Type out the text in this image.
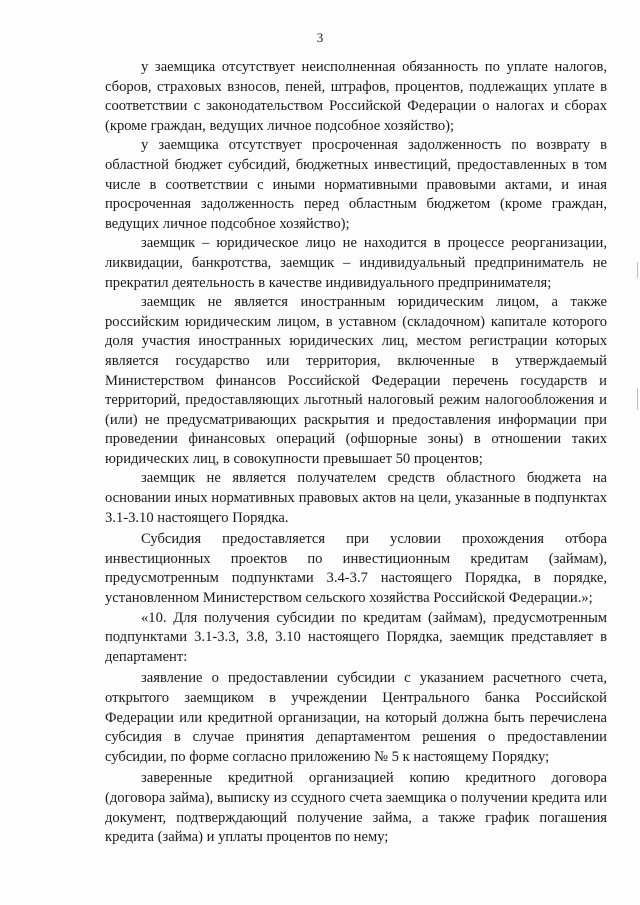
3

у заемщика отсутствует неисполненная обязанность по уплате налогов, сборов, страховых взносов, пеней, штрафов, процентов, подлежащих уплате в соответствии с законодательством Российской Федерации о налогах и сборах (кроме граждан, ведущих личное подсобное хозяйство);

у заемщика отсутствует просроченная задолженность по возврату в областной бюджет субсидий, бюджетных инвестиций, предоставленных в том числе в соответствии с иными нормативными правовыми актами, и иная просроченная задолженность перед областным бюджетом (кроме граждан, ведущих личное подсобное хозяйство);

заемщик – юридическое лицо не находится в процессе реорганизации, ликвидации, банкротства, заемщик – индивидуальный предприниматель не прекратил деятельность в качестве индивидуального предпринимателя;

заемщик не является иностранным юридическим лицом, а также российским юридическим лицом, в уставном (складочном) капитале которого доля участия иностранных юридических лиц, местом регистрации которых является государство или территория, включенные в утверждаемый Министерством финансов Российской Федерации перечень государств и территорий, предоставляющих льготный налоговый режим налогообложения и (или) не предусматривающих раскрытия и предоставления информации при проведении финансовых операций (офшорные зоны) в отношении таких юридических лиц, в совокупности превышает 50 процентов;

заемщик не является получателем средств областного бюджета на основании иных нормативных правовых актов на цели, указанные в подпунктах 3.1-3.10 настоящего Порядка.

Субсидия предоставляется при условии прохождения отбора инвестиционных проектов по инвестиционным кредитам (займам), предусмотренным подпунктами 3.4-3.7 настоящего Порядка, в порядке, установленном Министерством сельского хозяйства Российской Федерации.»;

«10. Для получения субсидии по кредитам (займам), предусмотренным подпунктами 3.1-3.3, 3.8, 3.10 настоящего Порядка, заемщик представляет в департамент:

заявление о предоставлении субсидии с указанием расчетного счета, открытого заемщиком в учреждении Центрального банка Российской Федерации или кредитной организации, на который должна быть перечислена субсидия в случае принятия департаментом решения о предоставлении субсидии, по форме согласно приложению № 5 к настоящему Порядку;

заверенные кредитной организацией копию кредитного договора (договора займа), выписку из ссудного счета заемщика о получении кредита или документ, подтверждающий получение займа, а также график погашения кредита (займа) и уплаты процентов по нему;
